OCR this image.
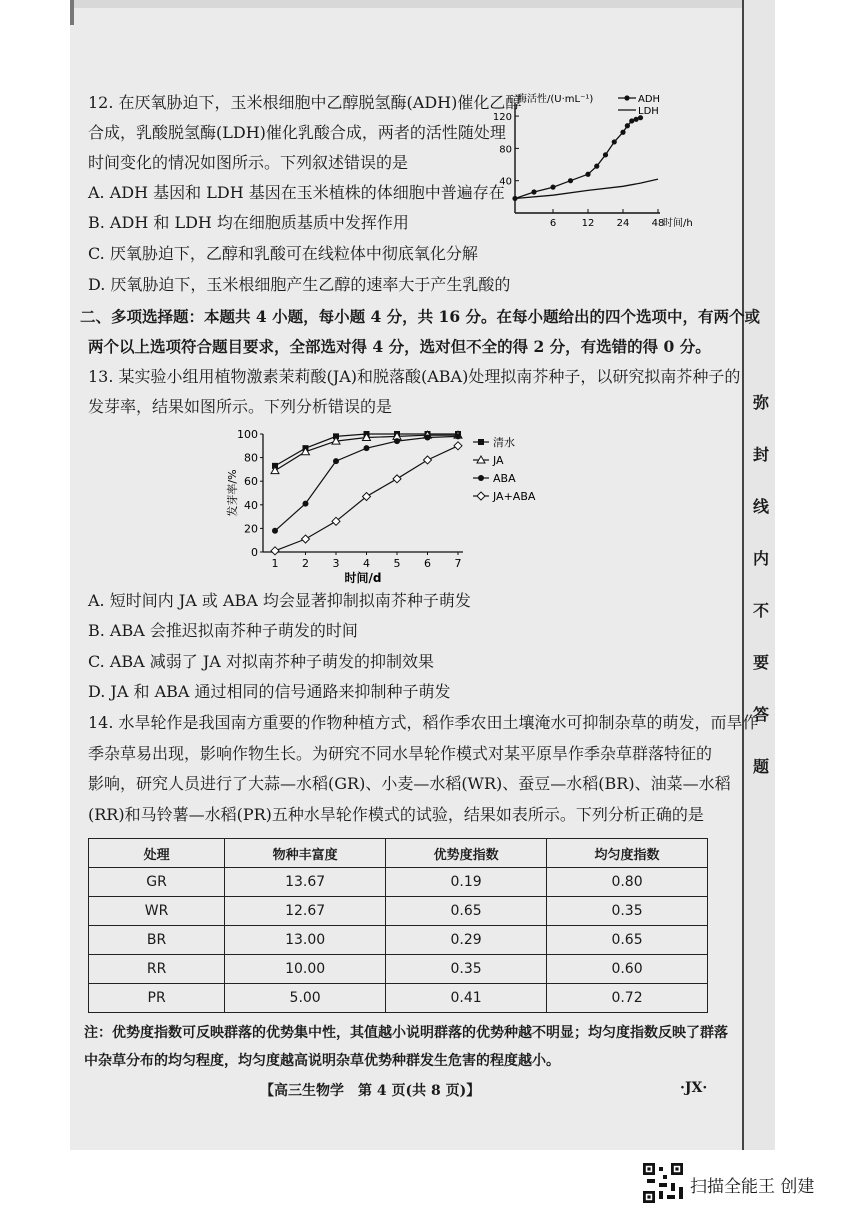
弥
封
线
内
不
要
答
题
12. 在厌氧胁迫下，玉米根细胞中乙醇脱氢酶(ADH)催化乙醇
合成，乳酸脱氢酶(LDH)催化乳酸合成，两者的活性随处理
时间变化的情况如图所示。下列叙述错误的是
A. ADH 基因和 LDH 基因在玉米植株的体细胞中普遍存在
B. ADH 和 LDH 均在细胞质基质中发挥作用
C. 厌氧胁迫下，乙醇和乳酸可在线粒体中彻底氧化分解
D. 厌氧胁迫下，玉米根细胞产生乙醇的速率大于产生乳酸的
40
80
120
6	12 24 48
时间/h
酶活性/(U·mL⁻¹)	ADH
LDH
二、多项选择题：本题共 4 小题，每小题 4 分，共 16 分。在每小题给出的四个选项中，有两个或
两个以上选项符合题目要求，全部选对得 4 分，选对但不全的得 2 分，有选错的得 0 分。
13. 某实验小组用植物激素茉莉酸(JA)和脱落酸(ABA)处理拟南芥种子，以研究拟南芥种子的
发芽率，结果如图所示。下列分析错误的是
0
20
40
60
80
100
1 2 3 4 5 6 7
时间/d
发芽率/%
清水
JA
ABA
JA+ABA
A. 短时间内 JA 或 ABA 均会显著抑制拟南芥种子萌发
B. ABA 会推迟拟南芥种子萌发的时间
C. ABA 减弱了 JA 对拟南芥种子萌发的抑制效果
D. JA 和 ABA 通过相同的信号通路来抑制种子萌发
14. 水旱轮作是我国南方重要的作物种植方式，稻作季农田土壤淹水可抑制杂草的萌发，而旱作
季杂草易出现，影响作物生长。为研究不同水旱轮作模式对某平原旱作季杂草群落特征的
影响，研究人员进行了大蒜—水稻(GR)、小麦—水稻(WR)、蚕豆—水稻(BR)、油菜—水稻
(RR)和马铃薯—水稻(PR)五种水旱轮作模式的试验，结果如表所示。下列分析正确的是
处理	物种丰富度	优势度指数	均匀度指数
GR	13.67	0.19	0.80
WR	12.67	0.65	0.35
BR	13.00	0.29	0.65
RR	10.00	0.35	0.60
PR	5.00	0.41	0.72
注：优势度指数可反映群落的优势集中性，其值越小说明群落的优势种越不明显；均匀度指数反映了群落
中杂草分布的均匀程度，均匀度越高说明杂草优势种群发生危害的程度越小。
【高三生物学　第 4 页(共 8 页)】	·JX·
扫描全能王 创建
